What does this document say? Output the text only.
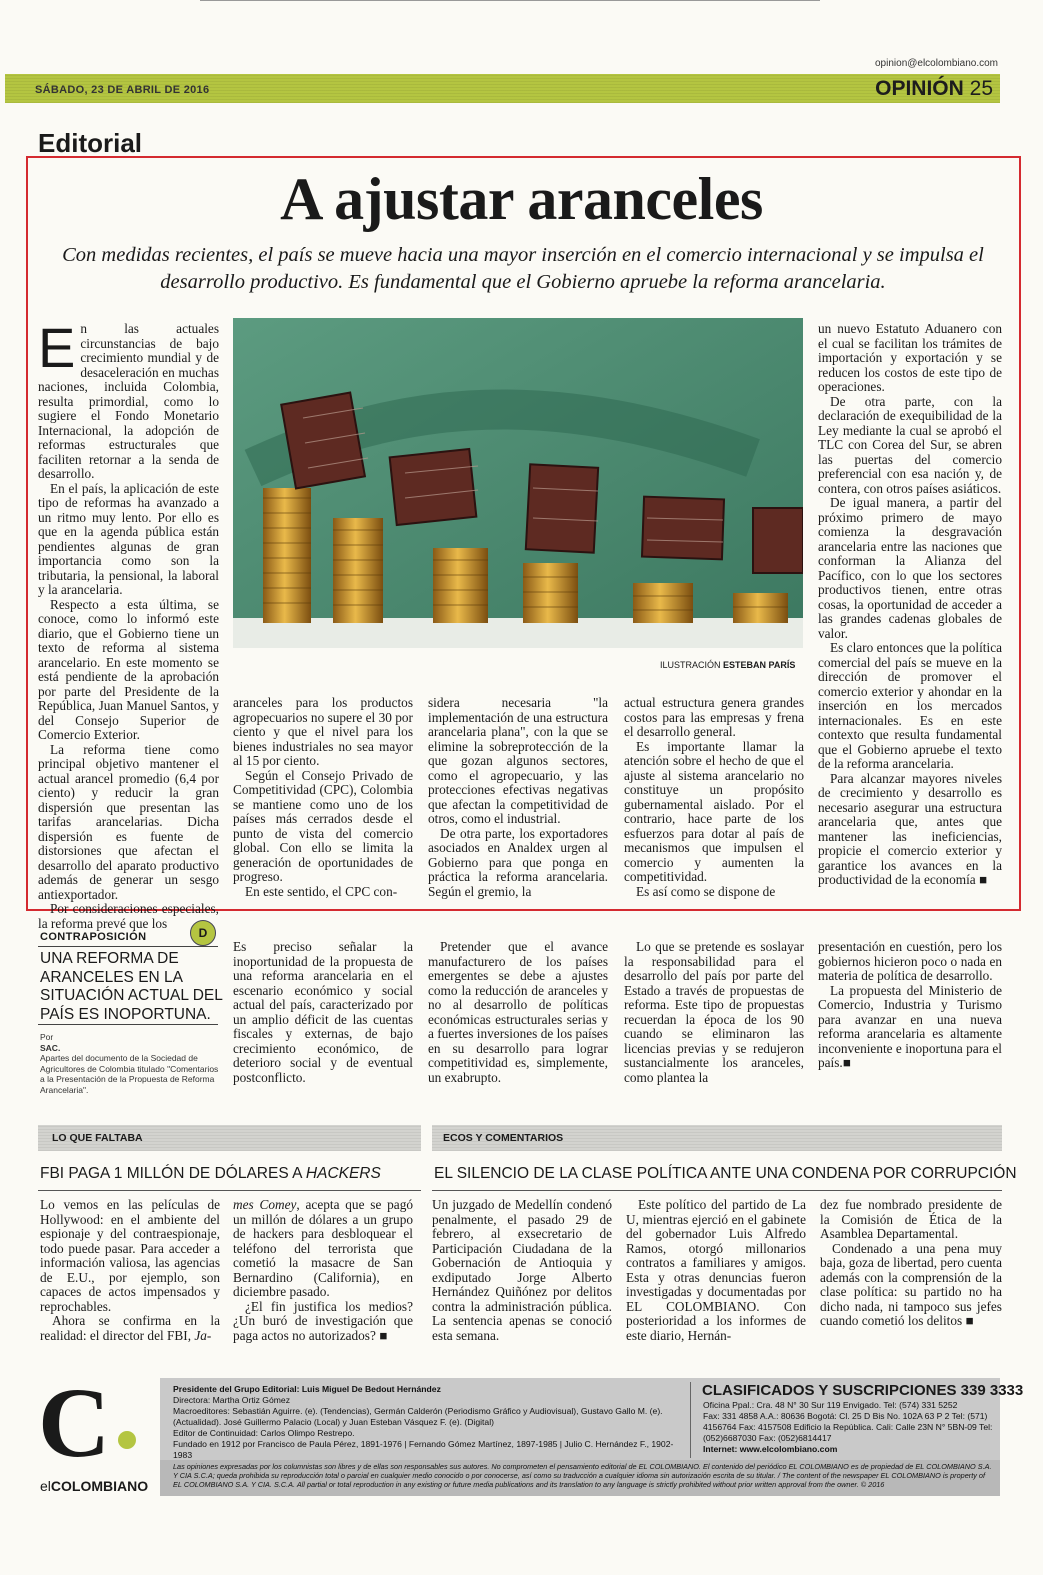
opinion@elcolombiano.com
SÁBADO, 23 DE ABRIL DE 2016	OPINIÓN 25
Editorial
A ajustar aranceles
Con medidas recientes, el país se mueve hacia una mayor inserción en el comercio internacional y se impulsa el desarrollo productivo. Es fundamental que el Gobierno apruebe la reforma arancelaria.

En las actuales circunstancias de bajo crecimiento mundial y de desaceleración en muchas naciones, incluida Colombia, resulta primordial, como lo sugiere el Fondo Monetario Internacional, la adopción de reformas estructurales que faciliten retornar a la senda de desarrollo.

En el país, la aplicación de este tipo de reformas ha avanzado a un ritmo muy lento. Por ello es que en la agenda pública están pendientes algunas de gran importancia como son la tributaria, la pensional, la laboral y la arancelaria.

Respecto a esta última, se conoce, como lo informó este diario, que el Gobierno tiene un texto de reforma al sistema arancelario. En este momento se está pendiente de la aprobación por parte del Presidente de la República, Juan Manuel Santos, y del Consejo Superior de Comercio Exterior.

La reforma tiene como principal objetivo mantener el actual arancel promedio (6,4 por ciento) y reducir la gran dispersión que presentan las tarifas arancelarias. Dicha dispersión es fuente de distorsiones que afectan el desarrollo del aparato productivo además de generar un sesgo antiexportador.

Por consideraciones especiales, la reforma prevé que los

ILUSTRACIÓN ESTEBAN PARÍS

aranceles para los productos agropecuarios no supere el 30 por ciento y que el nivel para los bienes industriales no sea mayor al 15 por ciento.

Según el Consejo Privado de Competitividad (CPC), Colombia se mantiene como uno de los países más cerrados desde el punto de vista del comercio global. Con ello se limita la generación de oportunidades de progreso.

En este sentido, el CPC con-

sidera necesaria "la implementación de una estructura arancelaria plana", con la que se elimine la sobreprotección de la que gozan algunos sectores, como el agropecuario, y las protecciones efectivas negativas que afectan la competitividad de otros, como el industrial.

De otra parte, los exportadores asociados en Analdex urgen al Gobierno para que ponga en práctica la reforma arancelaria. Según el gremio, la

actual estructura genera grandes costos para las empresas y frena el desarrollo general.

Es importante llamar la atención sobre el hecho de que el ajuste al sistema arancelario no constituye un propósito gubernamental aislado. Por el contrario, hace parte de los esfuerzos para dotar al país de mecanismos que impulsen el comercio y aumenten la competitividad.

Es así como se dispone de

un nuevo Estatuto Aduanero con el cual se facilitan los trámites de importación y exportación y se reducen los costos de este tipo de operaciones.

De otra parte, con la declaración de exequibilidad de la Ley mediante la cual se aprobó el TLC con Corea del Sur, se abren las puertas del comercio preferencial con esa nación y, de contera, con otros países asiáticos.

De igual manera, a partir del próximo primero de mayo comienza la desgravación arancelaria entre las naciones que conforman la Alianza del Pacífico, con lo que los sectores productivos tienen, entre otras cosas, la oportunidad de acceder a las grandes cadenas globales de valor.

Es claro entonces que la política comercial del país se mueve en la dirección de promover el comercio exterior y ahondar en la inserción en los mercados internacionales. Es en este contexto que resulta fundamental que el Gobierno apruebe el texto de la reforma arancelaria.

Para alcanzar mayores niveles de crecimiento y desarrollo es necesario asegurar una estructura arancelaria que, antes que mantener las ineficiencias, propicie el comercio exterior y garantice los avances en la productividad de la economía ■

CONTRAPOSICIÓN	D
UNA REFORMA DE ARANCELES EN LA SITUACIÓN ACTUAL DEL PAÍS ES INOPORTUNA.
Por
SAC.
Apartes del documento de la Sociedad de Agricultores de Colombia titulado "Comentarios a la Presentación de la Propuesta de Reforma Arancelaria".

Es preciso señalar la inoportunidad de la propuesta de una reforma arancelaria en el escenario económico y social actual del país, caracterizado por un amplio déficit de las cuentas fiscales y externas, de bajo crecimiento económico, de deterioro social y de eventual postconflicto.

Pretender que el avance manufacturero de los países emergentes se debe a ajustes como la reducción de aranceles y no al desarrollo de políticas económicas estructurales serias y a fuertes inversiones de los países en su desarrollo para lograr competitividad es, simplemente, un exabrupto.

Lo que se pretende es soslayar la responsabilidad para el desarrollo del país por parte del Estado a través de propuestas de reforma. Este tipo de propuestas recuerdan la época de los 90 cuando se eliminaron las licencias previas y se redujeron sustancialmente los aranceles, como plantea la

presentación en cuestión, pero los gobiernos hicieron poco o nada en materia de política de desarrollo.

La propuesta del Ministerio de Comercio, Industria y Turismo para avanzar en una nueva reforma arancelaria es altamente inconveniente e inoportuna para el país.■

LO QUE FALTABA	ECOS Y COMENTARIOS
FBI PAGA 1 MILLÓN DE DÓLARES A HACKERS	EL SILENCIO DE LA CLASE POLÍTICA ANTE UNA CONDENA POR CORRUPCIÓN

Lo vemos en las películas de Hollywood: en el ambiente del espionaje y del contraespionaje, todo puede pasar. Para acceder a información valiosa, las agencias de E.U., por ejemplo, son capaces de actos impensados y reprochables.

Ahora se confirma en la realidad: el director del FBI, Ja-

mes Comey, acepta que se pagó un millón de dólares a un grupo de hackers para desbloquear el teléfono del terrorista que cometió la masacre de San Bernardino (California), en diciembre pasado.

¿El fin justifica los medios? ¿Un buró de investigación que paga actos no autorizados? ■

Un juzgado de Medellín condenó penalmente, el pasado 29 de febrero, al exsecretario de Participación Ciudadana de la Gobernación de Antioquia y exdiputado Jorge Alberto Hernández Quiñónez por delitos contra la administración pública. La sentencia apenas se conoció esta semana.

Este político del partido de La U, mientras ejerció en el gabinete del gobernador Luis Alfredo Ramos, otorgó millonarios contratos a familiares y amigos. Esta y otras denuncias fueron investigadas y documentadas por EL COLOMBIANO. Con posterioridad a los informes de este diario, Hernán-

dez fue nombrado presidente de la Comisión de Ética de la Asamblea Departamental.

Condenado a una pena muy baja, goza de libertad, pero cuenta además con la comprensión de la clase política: su partido no ha dicho nada, ni tampoco sus jefes cuando cometió los delitos ■

C
elCOLOMBIANO
Presidente del Grupo Editorial: Luis Miguel De Bedout Hernández
Directora: Martha Ortiz Gómez
Macroeditores: Sebastián Aguirre. (e). (Tendencias), Germán Calderón (Periodismo Gráfico y Audiovisual), Gustavo Gallo M. (e).
(Actualidad). José Guillermo Palacio (Local) y Juan Esteban Vásquez F. (e). (Digital)
Editor de Continuidad: Carlos Olimpo Restrepo.
Fundado en 1912 por Francisco de Paula Pérez, 1891-1976 | Fernando Gómez Martínez, 1897-1985 | Julio C. Hernández F., 1902-1983
CLASIFICADOS Y SUSCRIPCIONES 339 3333
Oficina Ppal.: Cra. 48 N° 30 Sur 119 Envigado. Tel: (574) 331 5252
Fax: 331 4858 A.A.: 80636 Bogotá: Cl. 25 D Bis No. 102A 63 P 2 Tel: (571)
4156764 Fax: 4157508 Edificio la República. Cali: Calle 23N N° 5BN-09 Tel:
(052)6687030 Fax: (052)6814417
Internet: www.elcolombiano.com
Las opiniones expresadas por los columnistas son libres y de ellas son responsables sus autores. No comprometen el pensamiento editorial de EL COLOMBIANO. El contenido del periódico EL COLOMBIANO es de propiedad de EL COLOMBIANO S.A. Y CIA S.C.A; queda prohibida su reproducción total o parcial en cualquier medio conocido o por conocerse, así como su traducción a cualquier idioma sin autorización escrita de su titular. / The content of the newspaper EL COLOMBIANO is property of EL COLOMBIANO S.A. Y CIA. S.C.A. All partial or total reproduction in any existing or future media publications and its translation to any language is strictly prohibited without prior written approval from the owner. © 2016
